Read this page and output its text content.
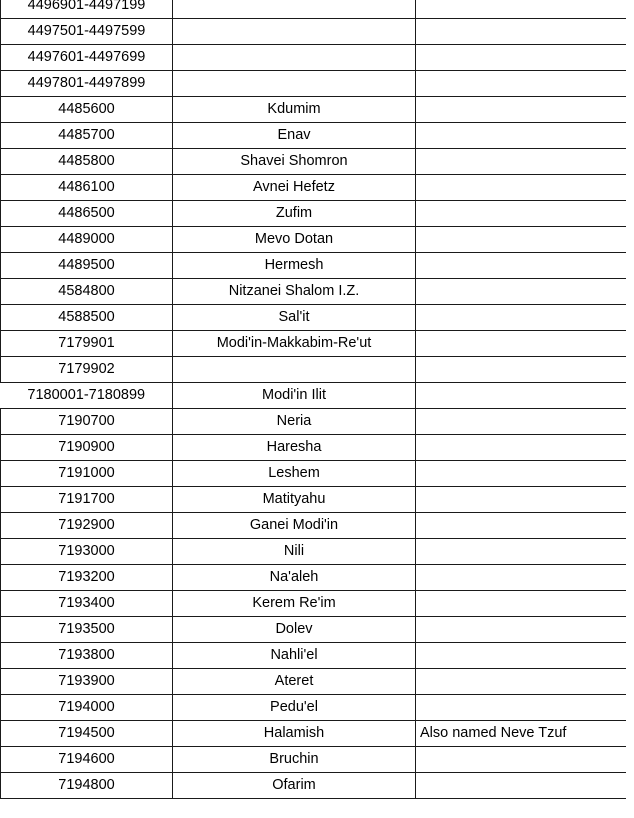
4496901-4497199		
4497501-4497599		
4497601-4497699		
4497801-4497899		
4485600	Kdumim	
4485700	Enav	
4485800	Shavei Shomron	
4486100	Avnei Hefetz	
4486500	Zufim	
4489000	Mevo Dotan	
4489500	Hermesh	
4584800	Nitzanei Shalom I.Z.	
4588500	Sal'it	
7179901	Modi'in-Makkabim-Re'ut	
7179902		
7180001-7180899	Modi'in Ilit	
7190700	Neria	
7190900	Haresha	
7191000	Leshem	
7191700	Matityahu	
7192900	Ganei Modi'in	
7193000	Nili	
7193200	Na'aleh	
7193400	Kerem Re'im	
7193500	Dolev	
7193800	Nahli'el	
7193900	Ateret	
7194000	Pedu'el	
7194500	Halamish	Also named Neve Tzuf
7194600	Bruchin	
7194800	Ofarim	
